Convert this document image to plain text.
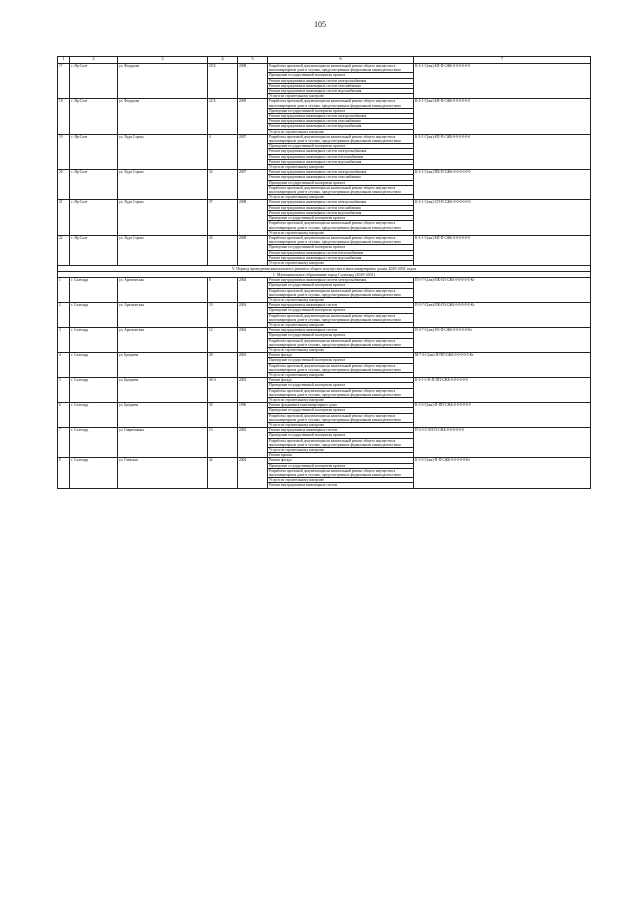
105
1	2	3	4	5	6	7
17	с. Яр-Сале	ул. Федорова	20 Б	2008	Разработка проектной документации на капитальный ремонт общего имущества в многоквартирном доме в случаях, предусмотренных федеральным законодательством	К-3-1-С(жк)-БП-П-СЖБ-0-0-0-0-0-0
					Проведение государственной экспертизы проекта	
					Ремонт внутридомовых инженерных систем электроснабжения	
					Ремонт внутридомовых инженерных систем газоснабжения	
					Ремонт внутридомовых инженерных систем водоснабжения	
					Услуги по строительному контролю	
18	с. Яр-Сале	ул. Федорова	22 Б	2009	Разработка проектной документации на капитальный ремонт общего имущества в многоквартирном доме в случаях, предусмотренных федеральным законодательством	К-2-1-С(жк)-БП-П-СЖБ-0-0-0-0-0-0
					Проведение государственной экспертизы проекта	
					Ремонт внутридомовых инженерных систем электроснабжения	
					Ремонт внутридомовых инженерных систем газоснабжения	
					Ремонт внутридомовых инженерных систем водоснабжения	
					Услуги по строительному контролю	
19	с. Яр-Сале	ул. Худи Сэроко	4	2007	Разработка проектной документации на капитальный ремонт общего имущества в многоквартирном доме в случаях, предусмотренных федеральным законодательством	К-3-1-С(жк)-БП-П-СЖБ-0-0-0-0-0-0
					Проведение государственной экспертизы проекта	
					Ремонт внутридомовых инженерных систем электроснабжения	
					Ремонт внутридомовых инженерных систем теплоснабжения	
					Ремонт внутридомовых инженерных систем водоснабжения	
					Услуги по строительному контролю	
20	с. Яр-Сале	ул. Худи Сэроко	32	2007	Ремонт внутридомовых инженерных систем электроснабжения	К-3-1-С(жк)-ПК-П-СЖБ-0-0-0-0-0-0
					Ремонт внутридомовых инженерных систем газоснабжения	
					Проведение государственной экспертизы проекта	
					Разработка проектной документации на капитальный ремонт общего имущества в многоквартирном доме в случаях, предусмотренных федеральным законодательством	
					Услуги по строительному контролю	
21	с. Яр-Сале	ул. Худи Сэроко	37	2008	Ремонт внутридомовых инженерных систем электроснабжения	К-2-1-С(жк)-СП-П-СЖБ-0-0-0-0-0-0
					Ремонт внутридомовых инженерных систем газоснабжения	
					Ремонт внутридомовых инженерных систем водоснабжения	
					Проведение государственной экспертизы проекта	
					Разработка проектной документации на капитальный ремонт общего имущества в многоквартирном доме в случаях, предусмотренных федеральным законодательством	
					Услуги по строительному контролю	
22	с. Яр-Сале	ул. Худи Сэроко	45	2008	Разработка проектной документации на капитальный ремонт общего имущества в многоквартирном доме в случаях, предусмотренных федеральным законодательством	К-3-1-С(жк)-БП-П-СЖБ-0-0-0-0-0-0
					Проведение государственной экспертизы проекта	
					Ремонт внутридомовых инженерных систем теплоснабжения	
					Ремонт внутридомовых инженерных систем водоснабжения	
					Услуги по строительному контролю	
V. Период проведения капитального ремонта общего имущества в многоквартирных домах 2029-2031 годов						
1. Муниципальное образование город Салехард (2029-2031)						
1	г. Салехард	ул. Арктическая	8	2004	Ремонт внутридомовых инженерных систем электроснабжения	П-3-7-С(жк)-ПК-П3-СЖБ-0-0-0-0-0-Кт
					Проведение государственной экспертизы проекта	
					Разработка проектной документации на капитальный ремонт общего имущества в многоквартирном доме в случаях, предусмотренных федеральным законодательством	
					Услуги по строительному контролю	
2	г. Салехард	ул. Арктическая	10	2004	Ремонт внутридомовых инженерных систем	П-3-7-С(жк)-ПК-П3-СЖБ-0-0-0-0-0-Кт
					Проведение государственной экспертизы проекта	
					Разработка проектной документации на капитальный ремонт общего имущества в многоквартирном доме в случаях, предусмотренных федеральным законодательством	
					Услуги по строительному контролю	
3	г. Салехард	ул. Арктическая	12	2004	Ремонт внутридомовых инженерных систем	П-3-7-С(жк)-П3-П-СЖБ-0-0-0-0-0-Кт
					Проведение государственной экспертизы проекта	
					Разработка проектной документации на капитальный ремонт общего имущества в многоквартирном доме в случаях, предусмотренных федеральным законодательством	
					Услуги по строительному контролю	
4	г. Салехард	ул. Бреднева	28	2003	Ремонт фасада	М-7-3-С(жк)-П-ПП-СЖБ-0-0-0-0-0-Кт
					Проведение государственной экспертизы проекта	
					Разработка проектной документации на капитальный ремонт общего имущества в многоквартирном доме в случаях, предусмотренных федеральным законодательством	
					Услуги по строительному контролю	
5	г. Салехард	ул. Бреднева	48 А	2003	Ремонт фасада	К-5-1-С-К-П-ПП-СЖБ-0-0-0-0-0-0
					Проведение государственной экспертизы проекта	
					Разработка проектной документации на капитальный ремонт общего имущества в многоквартирном доме в случаях, предусмотренных федеральным законодательством	
					Услуги по строительному контролю	
6	г. Салехард	ул. Бреднева	50	1996	Ремонт фундамента многоквартирного дома	К-3-3-С(жк)-П-ПП-СЖБ-0-0-0-0-0-0
					Проведение государственной экспертизы проекта	
					Разработка проектной документации на капитальный ремонт общего имущества в многоквартирном доме в случаях, предусмотренных федеральным законодательством	
					Услуги по строительному контролю	
7	г. Салехард	ул. Гаврюшкина	13	2002	Ремонт внутридомовых инженерных систем	П-3-3-С-БП-П-СЖБ-0-0-0-0-0-0
					Проведение государственной экспертизы проекта	
					Разработка проектной документации на капитальный ремонт общего имущества в многоквартирном доме в случаях, предусмотренных федеральным законодательством	
					Услуги по строительному контролю	
					Ремонт крыши	
8	г. Салехард	ул. Гаевская	42	2004	Ремонт фасада	К-5-3-С(жк)-П-П-СЖБ-0-0-0-0-0-Кт
					Проведение государственной экспертизы проекта	
					Разработка проектной документации на капитальный ремонт общего имущества в многоквартирном доме в случаях, предусмотренных федеральным законодательством	
					Услуги по строительному контролю	
					Ремонт внутридомовых инженерных систем	
